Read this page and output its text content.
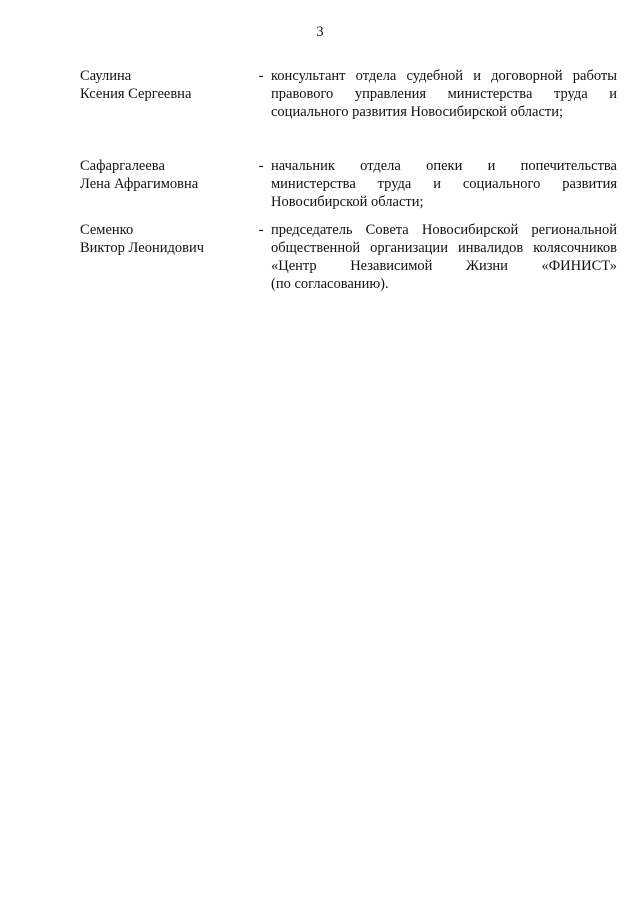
3
Саулина
Ксения Сергеевна
- консультант отдела судебной и договорной работы
правового управления министерства труда и
социального развития Новосибирской области;
Сафаргалеева
Лена Афрагимовна
- начальник отдела опеки и попечительства
министерства труда и социального развития
Новосибирской области;
Семенко
Виктор Леонидович
- председатель Совета Новосибирской региональной
общественной организации инвалидов колясочников
«Центр Независимой Жизни «ФИНИСТ»
(по согласованию).
